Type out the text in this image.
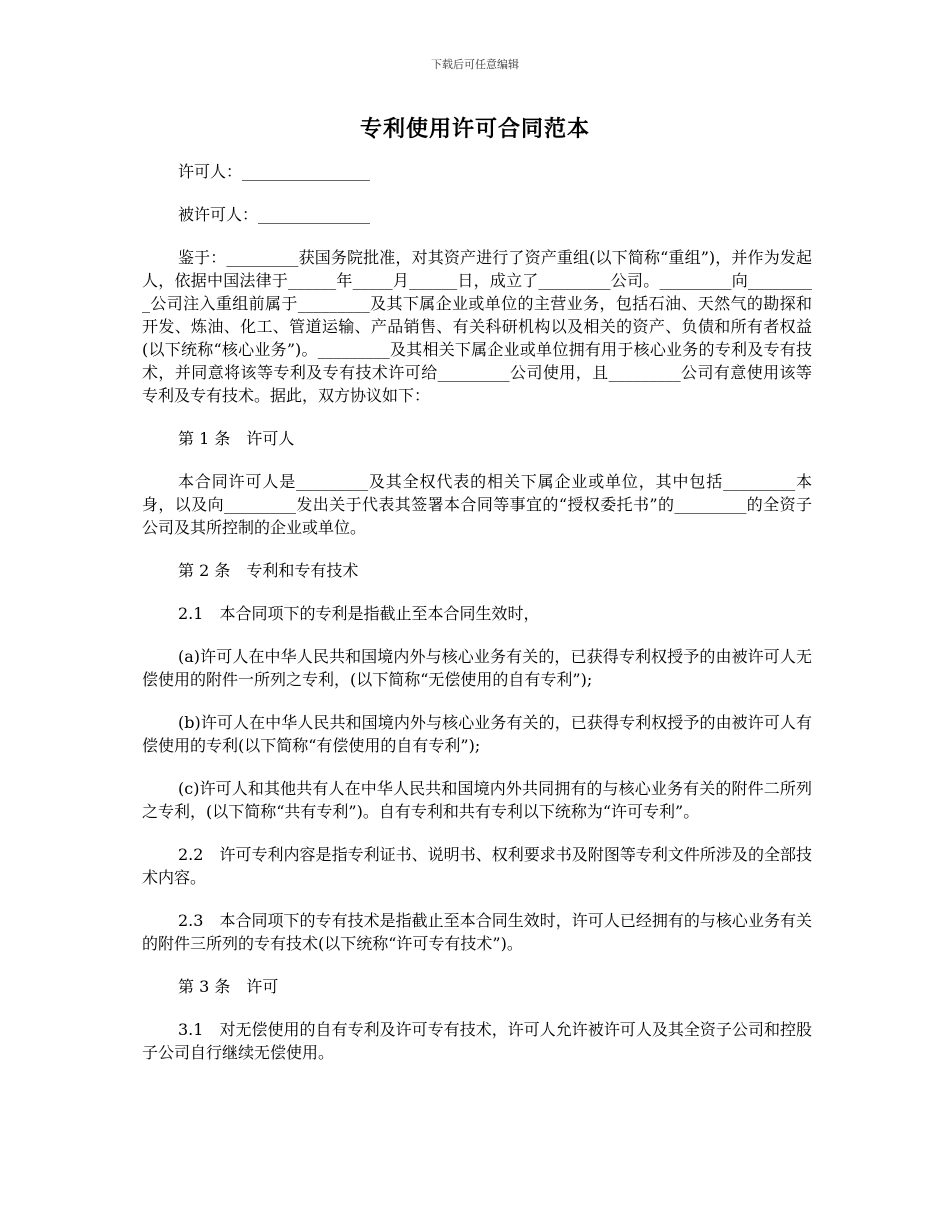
下载后可任意编辑
专利使用许可合同范本

许可人：________________

被许可人：______________

鉴于：_________获国务院批准，对其资产进行了资产重组(以下简称“重组”)，并作为发起人，依据中国法律于______年_____月______日，成立了_________公司。_________向_________公司注入重组前属于_________及其下属企业或单位的主营业务，包括石油、天然气的勘探和开发、炼油、化工、管道运输、产品销售、有关科研机构以及相关的资产、负债和所有者权益(以下统称“核心业务”)。_________及其相关下属企业或单位拥有用于核心业务的专利及专有技术，并同意将该等专利及专有技术许可给_________公司使用，且_________公司有意使用该等专利及专有技术。据此，双方协议如下：

第 1 条　许可人

本合同许可人是_________及其全权代表的相关下属企业或单位，其中包括_________本身，以及向_________发出关于代表其签署本合同等事宜的“授权委托书”的_________的全资子公司及其所控制的企业或单位。

第 2 条　专利和专有技术

2.1　本合同项下的专利是指截止至本合同生效时，

(a)许可人在中华人民共和国境内外与核心业务有关的，已获得专利权授予的由被许可人无偿使用的附件一所列之专利，(以下简称“无偿使用的自有专利”);

(b)许可人在中华人民共和国境内外与核心业务有关的，已获得专利权授予的由被许可人有偿使用的专利(以下简称“有偿使用的自有专利”);

(c)许可人和其他共有人在中华人民共和国境内外共同拥有的与核心业务有关的附件二所列之专利，(以下简称“共有专利”)。自有专利和共有专利以下统称为“许可专利”。

2.2　许可专利内容是指专利证书、说明书、权利要求书及附图等专利文件所涉及的全部技术内容。

2.3　本合同项下的专有技术是指截止至本合同生效时，许可人已经拥有的与核心业务有关的附件三所列的专有技术(以下统称“许可专有技术”)。

第 3 条　许可

3.1　对无偿使用的自有专利及许可专有技术，许可人允许被许可人及其全资子公司和控股子公司自行继续无偿使用。
